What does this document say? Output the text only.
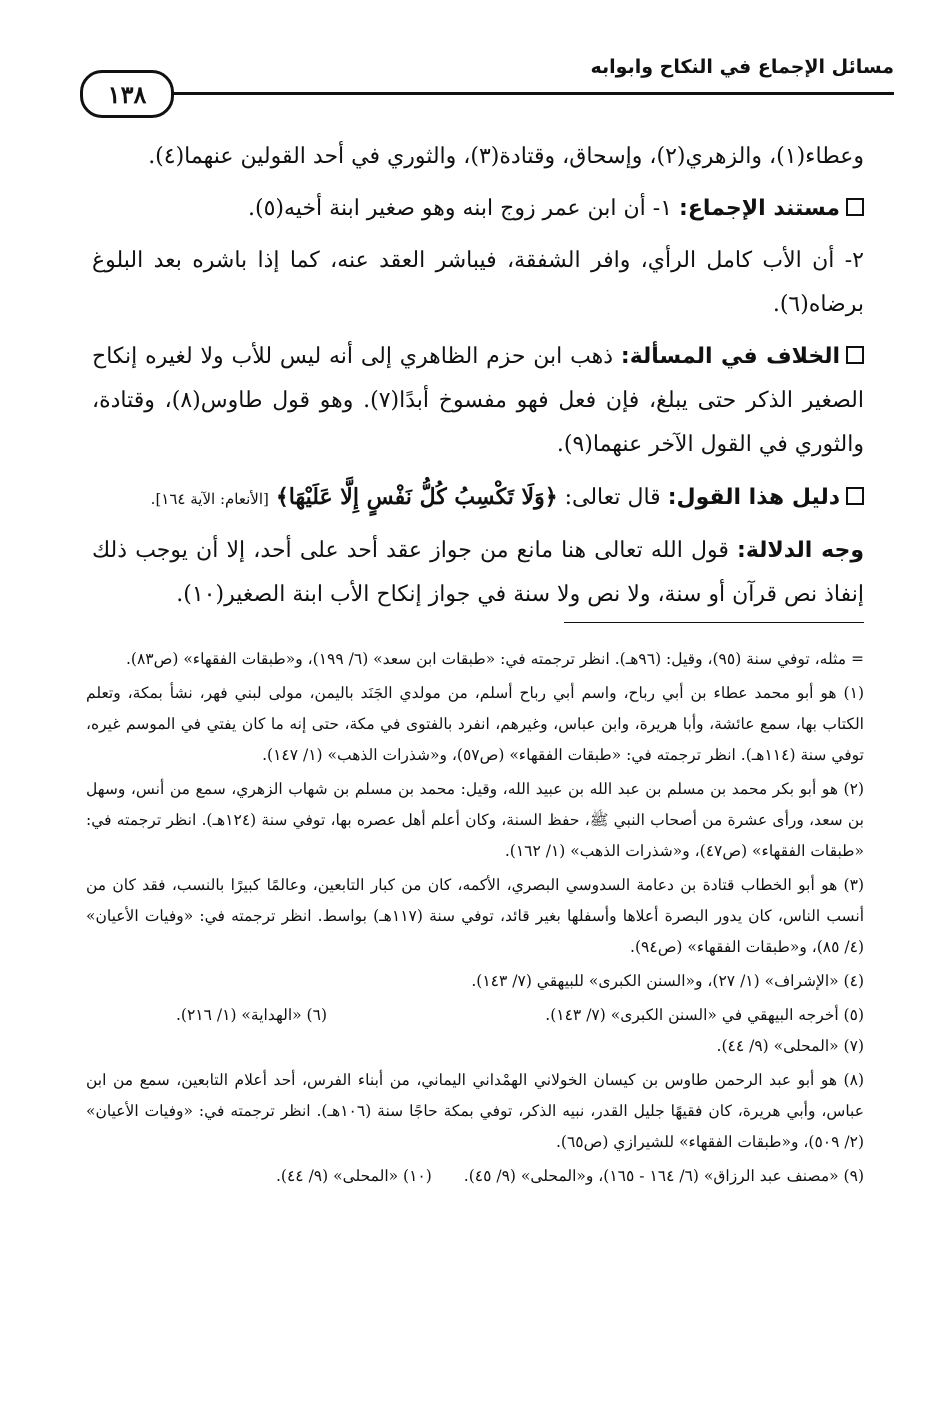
مسائل الإجماع في النكاح وابوابه
١٣٨

وعطاء(١)، والزهري(٢)، وإسحاق، وقتادة(٣)، والثوري في أحد القولين عنهما(٤).

مستند الإجماع: ١- أن ابن عمر زوج ابنه وهو صغير ابنة أخيه(٥).

٢- أن الأب كامل الرأي، وافر الشفقة، فيباشر العقد عنه، كما إذا باشره بعد البلوغ برضاه(٦).

الخلاف في المسألة: ذهب ابن حزم الظاهري إلى أنه ليس للأب ولا لغيره إنكاح الصغير الذكر حتى يبلغ، فإن فعل فهو مفسوخ أبدًا(٧). وهو قول طاوس(٨)، وقتادة، والثوري في القول الآخر عنهما(٩).

دليل هذا القول: قال تعالى: ﴿وَلَا تَكْسِبُ كُلُّ نَفْسٍ إِلَّا عَلَيْهَا﴾ [الأنعام: الآية ١٦٤].

وجه الدلالة: قول الله تعالى هنا مانع من جواز عقد أحد على أحد، إلا أن يوجب ذلك إنفاذ نص قرآن أو سنة، ولا نص ولا سنة في جواز إنكاح الأب ابنة الصغير(١٠).

= مثله، توفي سنة (٩٥)، وقيل: (٩٦هـ). انظر ترجمته في: «طبقات ابن سعد» (٦/ ١٩٩)، و«طبقات الفقهاء» (ص٨٣).

(١) هو أبو محمد عطاء بن أبي رباح، واسم أبي رباح أسلم، من مولدي الجَنَد باليمن، مولى لبني فهر، نشأ بمكة، وتعلم الكتاب بها، سمع عائشة، وأبا هريرة، وابن عباس، وغيرهم، انفرد بالفتوى في مكة، حتى إنه ما كان يفتي في الموسم غيره، توفي سنة (١١٤هـ). انظر ترجمته في: «طبقات الفقهاء» (ص٥٧)، و«شذرات الذهب» (١/ ١٤٧).

(٢) هو أبو بكر محمد بن مسلم بن عبد الله بن عبيد الله، وقيل: محمد بن مسلم بن شهاب الزهري، سمع من أنس، وسهل بن سعد، ورأى عشرة من أصحاب النبي ﷺ، حفظ السنة، وكان أعلم أهل عصره بها، توفي سنة (١٢٤هـ). انظر ترجمته في: «طبقات الفقهاء» (ص٤٧)، و«شذرات الذهب» (١/ ١٦٢).

(٣) هو أبو الخطاب قتادة بن دعامة السدوسي البصري، الأكمه، كان من كبار التابعين، وعالمًا كبيرًا بالنسب، فقد كان من أنسب الناس، كان يدور البصرة أعلاها وأسفلها بغير قائد، توفي سنة (١١٧هـ) بواسط. انظر ترجمته في: «وفيات الأعيان» (٤/ ٨٥)، و«طبقات الفقهاء» (ص٩٤).

(٤) «الإشراف» (١/ ٢٧)، و«السنن الكبرى» للبيهقي (٧/ ١٤٣).

(٥) أخرجه البيهقي في «السنن الكبرى» (٧/ ١٤٣).

(٦) «الهداية» (١/ ٢١٦).

(٧) «المحلى» (٩/ ٤٤).

(٨) هو أبو عبد الرحمن طاوس بن كيسان الخولاني الهمْداني اليماني، من أبناء الفرس، أحد أعلام التابعين، سمع من ابن عباس، وأبي هريرة، كان فقيهًا جليل القدر، نبيه الذكر، توفي بمكة حاجًا سنة (١٠٦هـ). انظر ترجمته في: «وفيات الأعيان» (٢/ ٥٠٩)، و«طبقات الفقهاء» للشيرازي (ص٦٥).

(٩) «مصنف عبد الرزاق» (٦/ ١٦٤ - ١٦٥)، و«المحلى» (٩/ ٤٥).

(١٠) «المحلى» (٩/ ٤٤).
